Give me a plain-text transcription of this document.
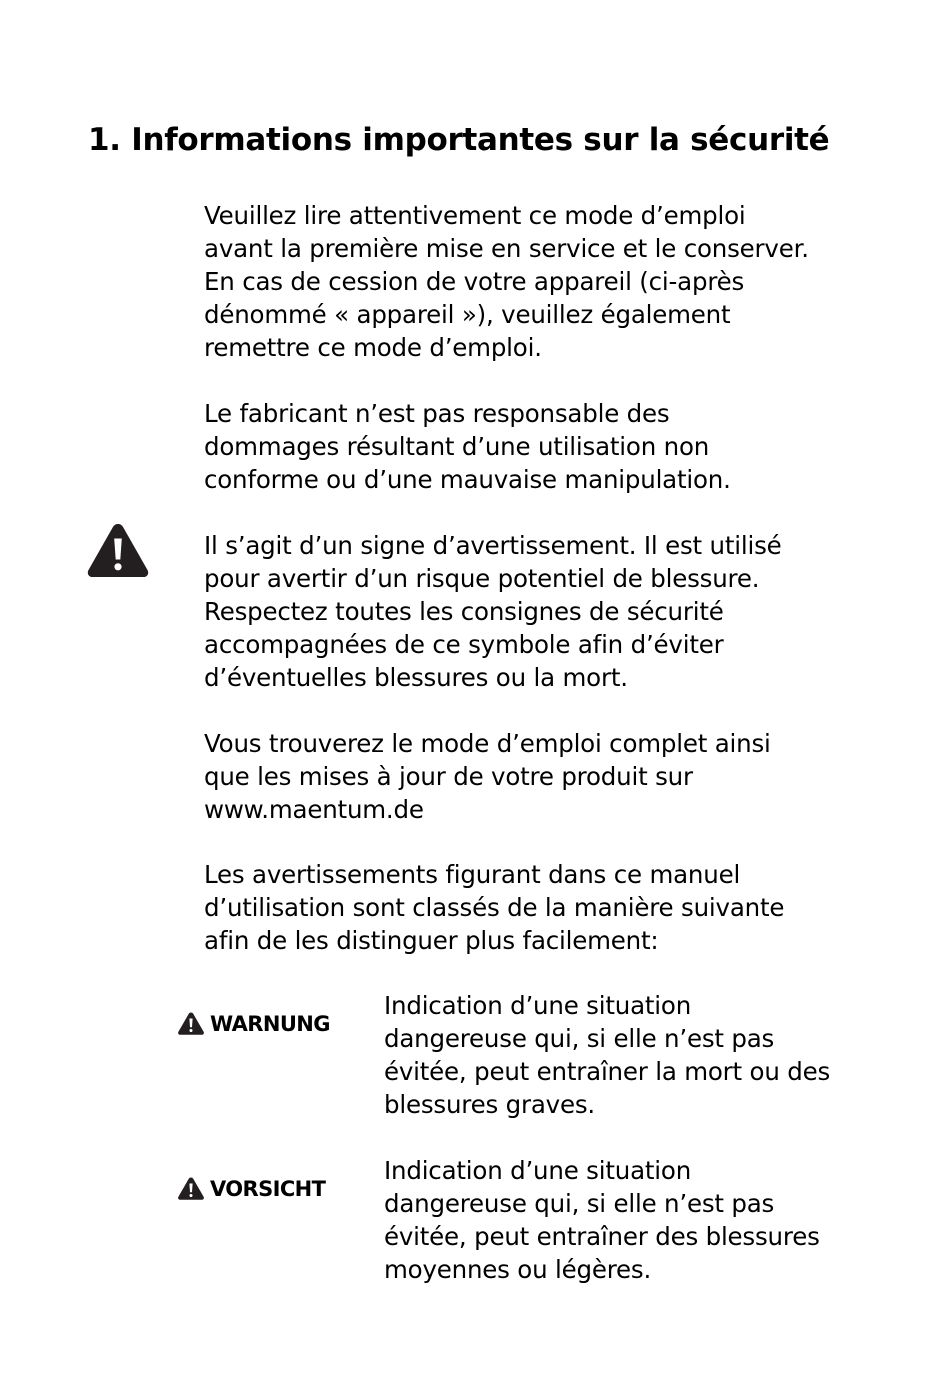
1. Informations importantes sur la sécurité

Veuillez lire attentivement ce mode d’emploi
avant la première mise en service et le conserver.
En cas de cession de votre appareil (ci-après
dénommé « appareil »), veuillez également
remettre ce mode d’emploi.

Le fabricant n’est pas responsable des
dommages résultant d’une utilisation non
conforme ou d’une mauvaise manipulation.

Il s’agit d’un signe d’avertissement. Il est utilisé
pour avertir d’un risque potentiel de blessure.
Respectez toutes les consignes de sécurité
accompagnées de ce symbole afin d’éviter
d’éventuelles blessures ou la mort.

Vous trouverez le mode d’emploi complet ainsi
que les mises à jour de votre produit sur
www.maentum.de

Les avertissements figurant dans ce manuel
d’utilisation sont classés de la manière suivante
afin de les distinguer plus facilement:

WARNUNG

Indication d’une situation
dangereuse qui, si elle n’est pas
évitée, peut entraîner la mort ou des
blessures graves.

VORSICHT

Indication d’une situation
dangereuse qui, si elle n’est pas
évitée, peut entraîner des blessures
moyennes ou légères.
